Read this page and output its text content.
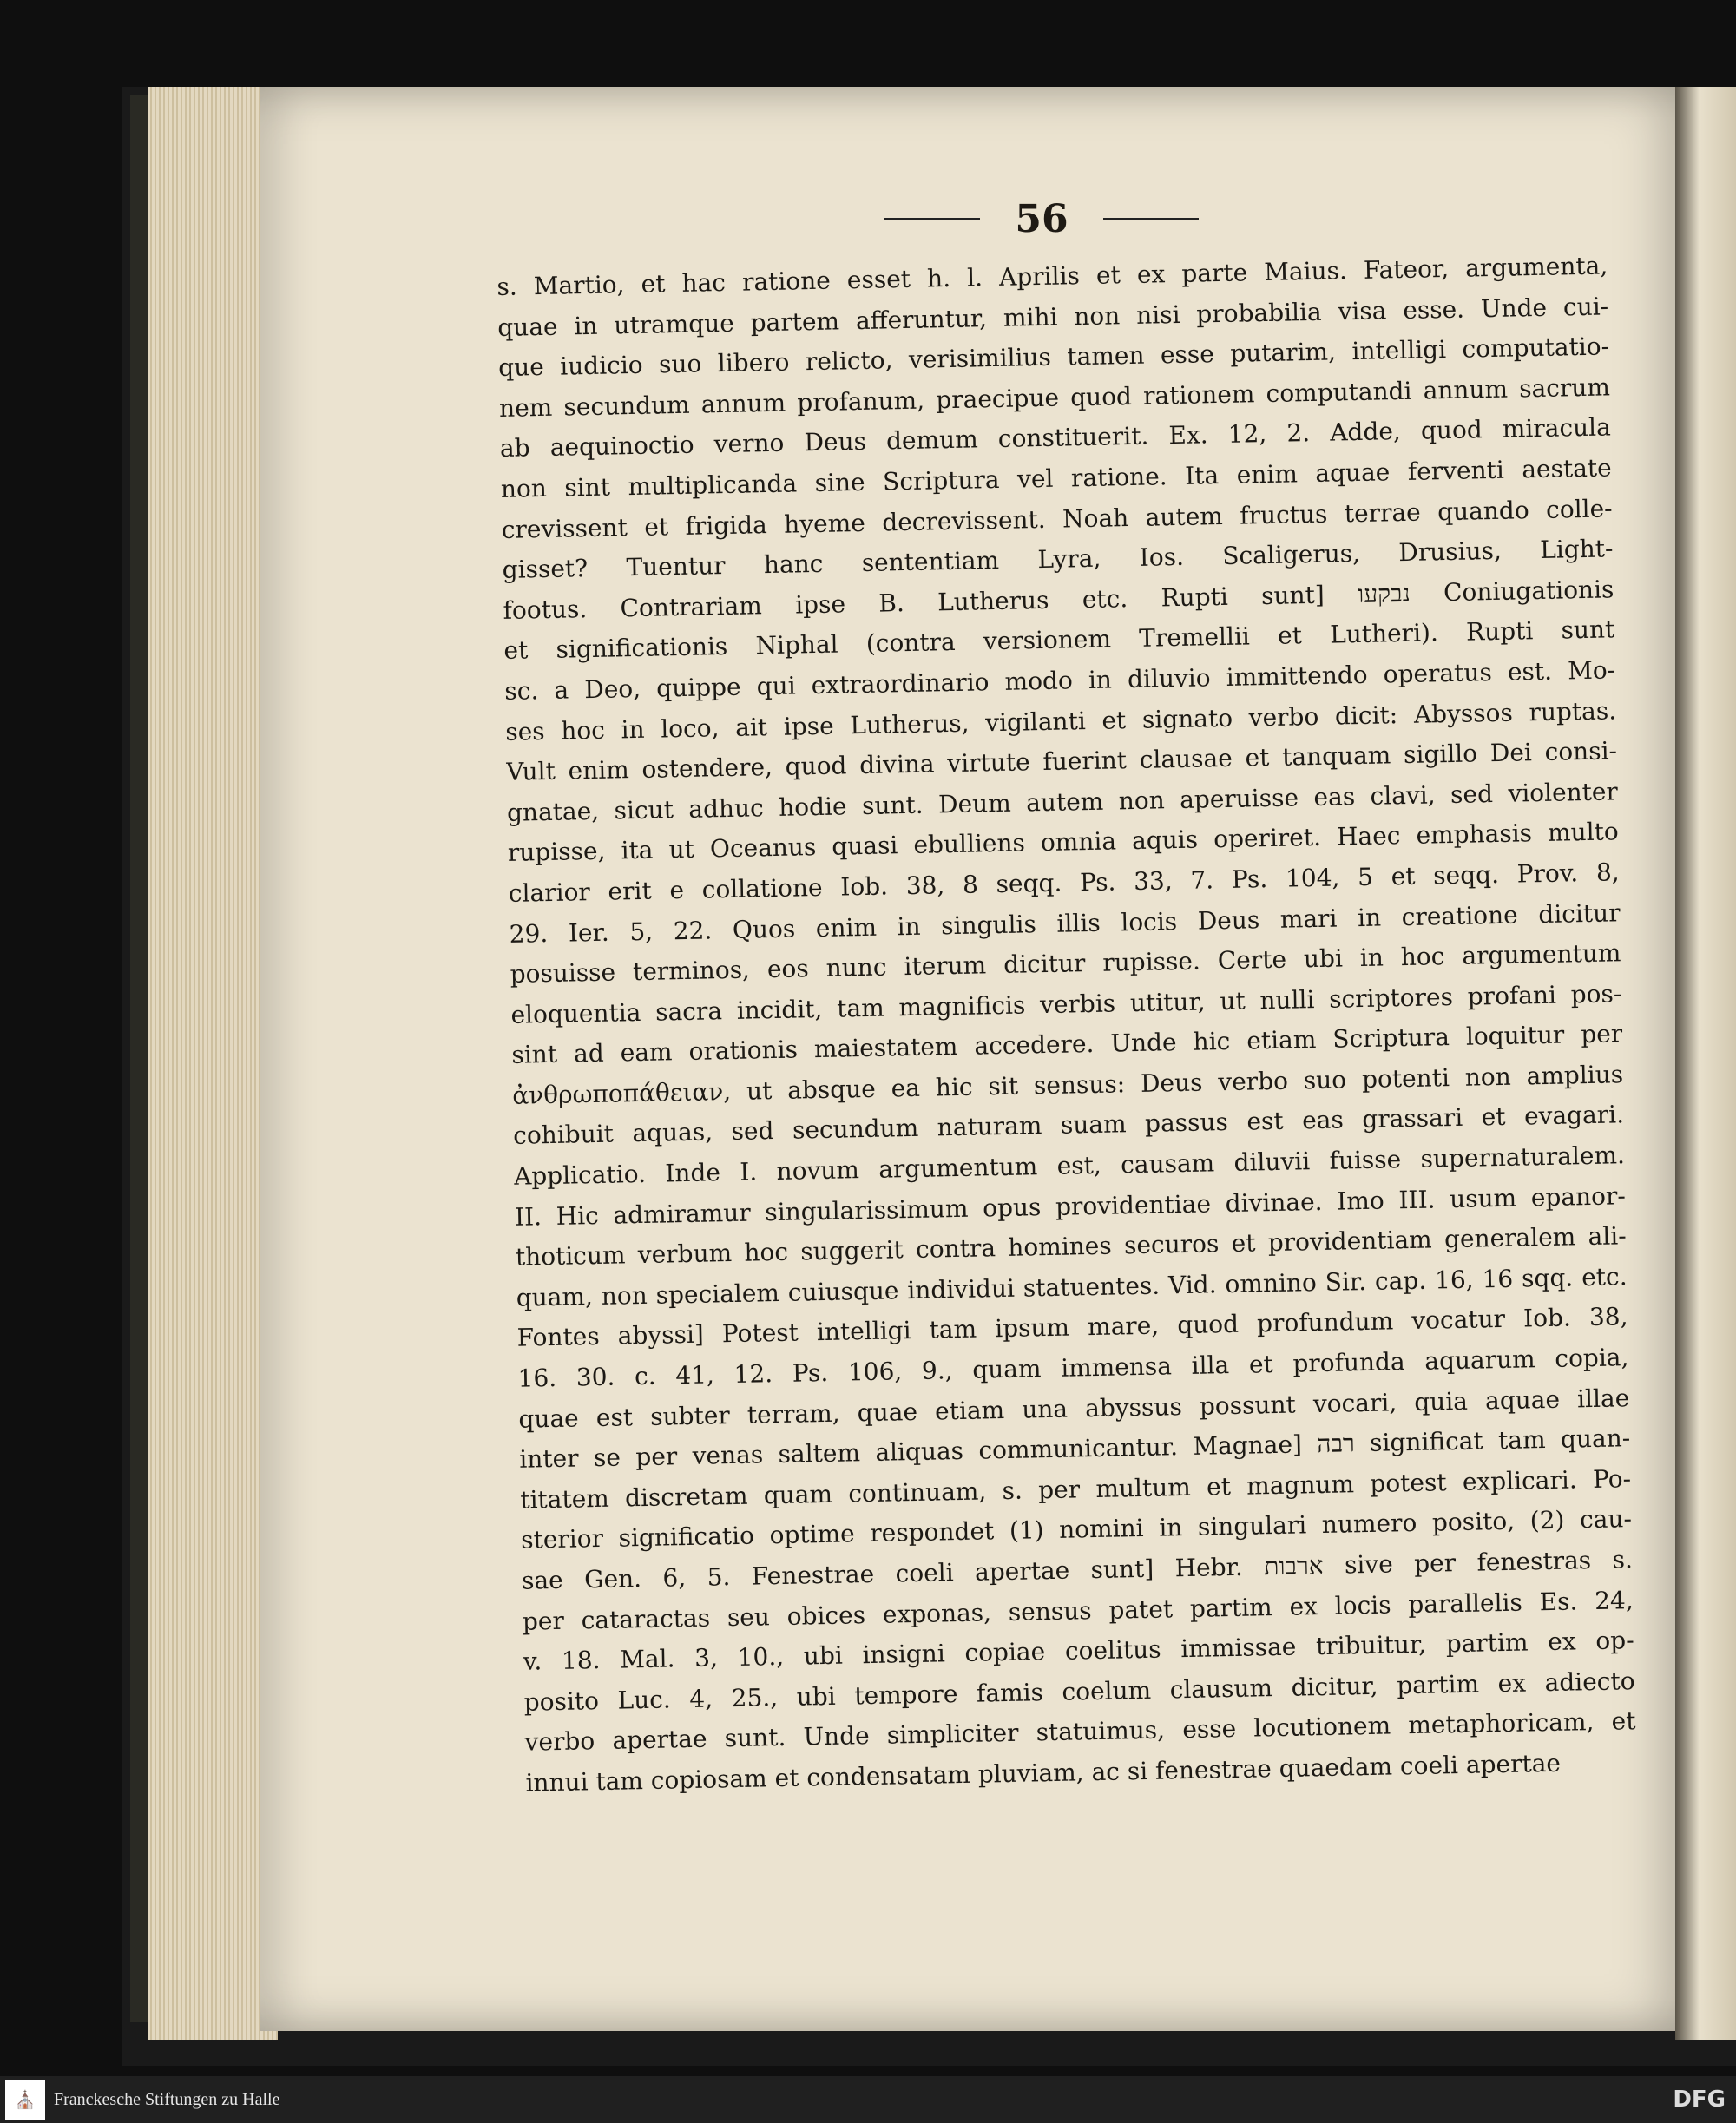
56
s. Martio, et hac ratione esset h. l. Aprilis et ex parte Maius. Fateor, argumenta,
quae in utramque partem afferuntur, mihi non nisi probabilia visa esse. Unde cui-
que iudicio suo libero relicto, verisimilius tamen esse putarim, intelligi computatio-
nem secundum annum profanum, praecipue quod rationem computandi annum sacrum
ab aequinoctio verno Deus demum constituerit. Ex. 12, 2. Adde, quod miracula
non sint multiplicanda sine Scriptura vel ratione. Ita enim aquae ferventi aestate
crevissent et frigida hyeme decrevissent. Noah autem fructus terrae quando colle-
gisset? Tuentur hanc sententiam Lyra, Ios. Scaligerus, Drusius, Light-
footus. Contrariam ipse B. Lutherus etc. Rupti sunt] נבקעו Coniugationis
et significationis Niphal (contra versionem Tremellii et Lutheri). Rupti sunt
sc. a Deo, quippe qui extraordinario modo in diluvio immittendo operatus est. Mo-
ses hoc in loco, ait ipse Lutherus, vigilanti et signato verbo dicit: Abyssos ruptas.
Vult enim ostendere, quod divina virtute fuerint clausae et tanquam sigillo Dei consi-
gnatae, sicut adhuc hodie sunt. Deum autem non aperuisse eas clavi, sed violenter
rupisse, ita ut Oceanus quasi ebulliens omnia aquis operiret. Haec emphasis multo
clarior erit e collatione Iob. 38, 8 seqq. Ps. 33, 7. Ps. 104, 5 et seqq. Prov. 8,
29. Ier. 5, 22. Quos enim in singulis illis locis Deus mari in creatione dicitur
posuisse terminos, eos nunc iterum dicitur rupisse. Certe ubi in hoc argumentum
eloquentia sacra incidit, tam magnificis verbis utitur, ut nulli scriptores profani pos-
sint ad eam orationis maiestatem accedere. Unde hic etiam Scriptura loquitur per
ἀνθρωποπάθειαν, ut absque ea hic sit sensus: Deus verbo suo potenti non amplius
cohibuit aquas, sed secundum naturam suam passus est eas grassari et evagari.
Applicatio. Inde I. novum argumentum est, causam diluvii fuisse supernaturalem.
II. Hic admiramur singularissimum opus providentiae divinae. Imo III. usum epanor-
thoticum verbum hoc suggerit contra homines securos et providentiam generalem ali-
quam, non specialem cuiusque individui statuentes. Vid. omnino Sir. cap. 16, 16 sqq. etc.
Fontes abyssi] Potest intelligi tam ipsum mare, quod profundum vocatur Iob. 38,
16. 30. c. 41, 12. Ps. 106, 9., quam immensa illa et profunda aquarum copia,
quae est subter terram, quae etiam una abyssus possunt vocari, quia aquae illae
inter se per venas saltem aliquas communicantur. Magnae] רבה significat tam quan-
titatem discretam quam continuam, s. per multum et magnum potest explicari. Po-
sterior significatio optime respondet (1) nomini in singulari numero posito, (2) cau-
sae Gen. 6, 5. Fenestrae coeli apertae sunt] Hebr. ארבות sive per fenestras s.
per cataractas seu obices exponas, sensus patet partim ex locis parallelis Es. 24,
v. 18. Mal. 3, 10., ubi insigni copiae coelitus immissae tribuitur, partim ex op-
posito Luc. 4, 25., ubi tempore famis coelum clausum dicitur, partim ex adiecto
verbo apertae sunt. Unde simpliciter statuimus, esse locutionem metaphoricam, et
innui tam copiosam et condensatam pluviam, ac si fenestrae quaedam coeli apertae
⛪	Franckesche Stiftungen zu Halle	DFG
